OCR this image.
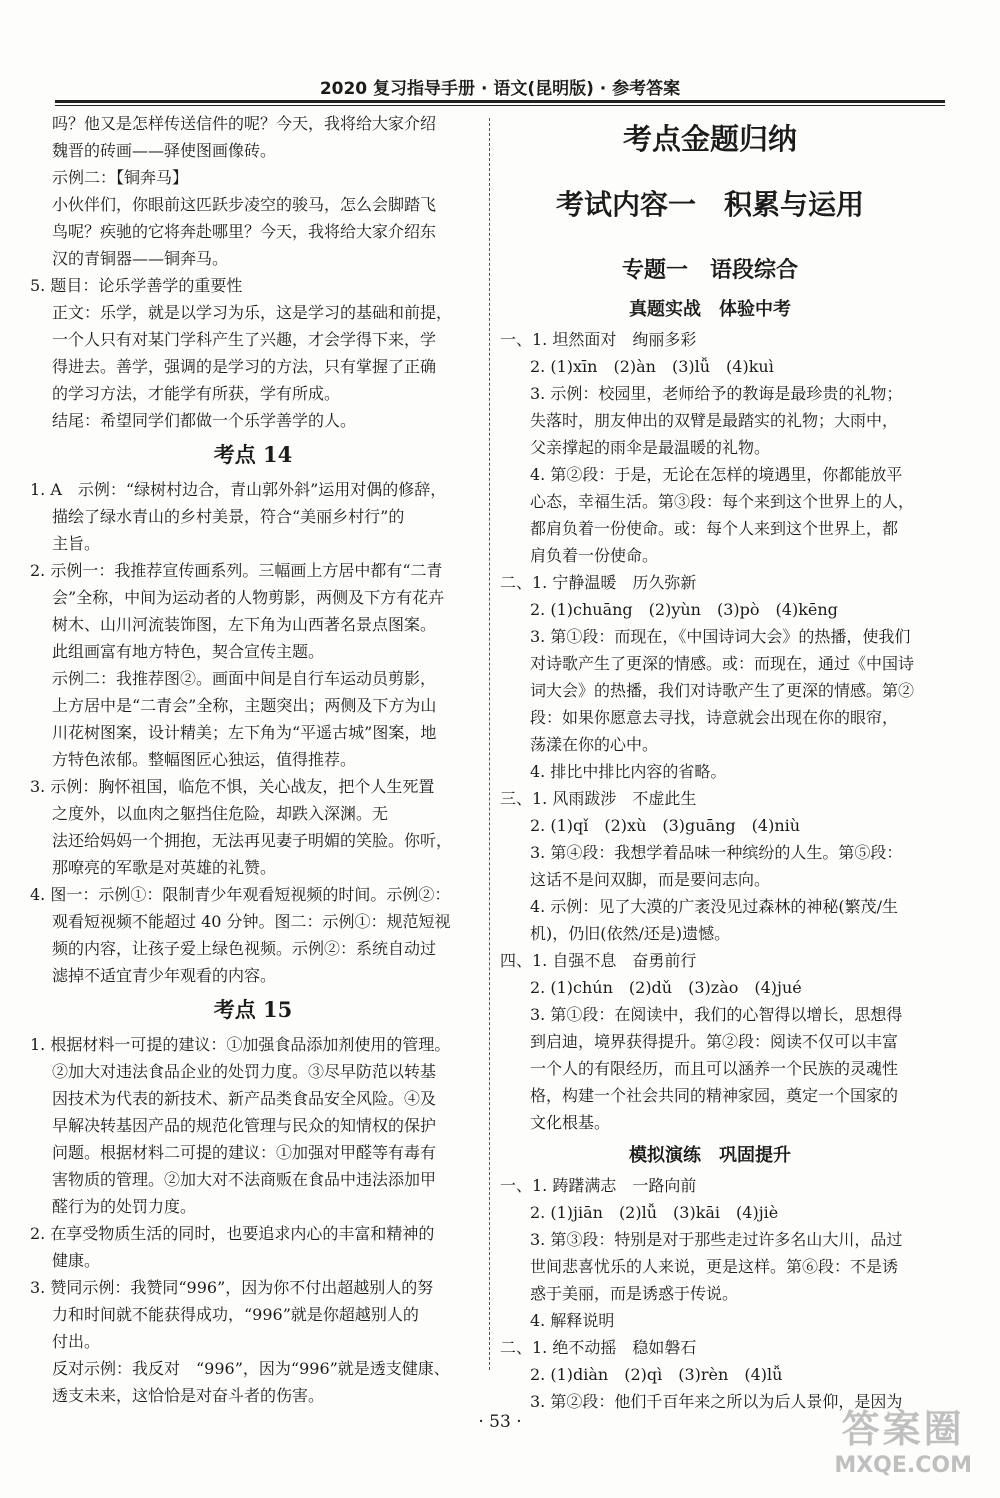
2020 复习指导手册 · 语文(昆明版) · 参考答案

吗？他又是怎样传送信件的呢？今天，我将给大家介绍

魏晋的砖画——驿使图画像砖。

示例二：【铜奔马】

小伙伴们，你眼前这匹跃步凌空的骏马，怎么会脚踏飞

鸟呢？疾驰的它将奔赴哪里？今天，我将给大家介绍东

汉的青铜器——铜奔马。

5. 题目：论乐学善学的重要性

正文：乐学，就是以学习为乐，这是学习的基础和前提，

一个人只有对某门学科产生了兴趣，才会学得下来，学

得进去。善学，强调的是学习的方法，只有掌握了正确

的学习方法，才能学有所获，学有所成。

结尾：希望同学们都做一个乐学善学的人。

考点 14

1. A　示例：“绿树村边合，青山郭外斜”运用对偶的修辞，

描绘了绿水青山的乡村美景，符合“美丽乡村行”的

主旨。

2. 示例一：我推荐宣传画系列。三幅画上方居中都有“二青

会”全称，中间为运动者的人物剪影，两侧及下方有花卉

树木、山川河流装饰图，左下角为山西著名景点图案。

此组画富有地方特色，契合宣传主题。

示例二：我推荐图②。画面中间是自行车运动员剪影，

上方居中是“二青会”全称，主题突出；两侧及下方为山

川花树图案，设计精美；左下角为“平遥古城”图案，地

方特色浓郁。整幅图匠心独运，值得推荐。

3. 示例：胸怀祖国，临危不惧，关心战友，把个人生死置

之度外，以血肉之躯挡住危险，却跌入深渊。无

法还给妈妈一个拥抱，无法再见妻子明媚的笑脸。你听，

那嘹亮的军歌是对英雄的礼赞。

4. 图一：示例①：限制青少年观看短视频的时间。示例②：

观看短视频不能超过 40 分钟。图二：示例①：规范短视

频的内容，让孩子爱上绿色视频。示例②：系统自动过

滤掉不适宜青少年观看的内容。

考点 15

1. 根据材料一可提的建议：①加强食品添加剂使用的管理。

②加大对违法食品企业的处罚力度。③尽早防范以转基

因技术为代表的新技术、新产品类食品安全风险。④及

早解决转基因产品的规范化管理与民众的知情权的保护

问题。根据材料二可提的建议：①加强对甲醛等有毒有

害物质的管理。②加大对不法商贩在食品中违法添加甲

醛行为的处罚力度。

2. 在享受物质生活的同时，也要追求内心的丰富和精神的

健康。

3. 赞同示例：我赞同“996”，因为你不付出超越别人的努

力和时间就不能获得成功，“996”就是你超越别人的

付出。

反对示例：我反对　“996”，因为“996”就是透支健康、

透支未来，这恰恰是对奋斗者的伤害。

考点金题归纳

考试内容一　积累与运用

专题一　语段综合

真题实战　体验中考

一、1. 坦然面对　绚丽多彩

2. (1)xīn　(2)àn　(3)lǚ　(4)kuì

3. 示例：校园里，老师给予的教诲是最珍贵的礼物；

失落时，朋友伸出的双臂是最踏实的礼物；大雨中，

父亲撑起的雨伞是最温暖的礼物。

4. 第②段：于是，无论在怎样的境遇里，你都能放平

心态，幸福生活。第③段：每个来到这个世界上的人，

都肩负着一份使命。或：每个人来到这个世界上，都

肩负着一份使命。

二、1. 宁静温暖　历久弥新

2. (1)chuāng　(2)yùn　(3)pò　(4)kēng

3. 第①段：而现在，《中国诗词大会》的热播，使我们

对诗歌产生了更深的情感。或：而现在，通过《中国诗

词大会》的热播，我们对诗歌产生了更深的情感。第②

段：如果你愿意去寻找，诗意就会出现在你的眼帘，

荡漾在你的心中。

4. 排比中排比内容的省略。

三、1. 风雨跋涉　不虚此生

2. (1)qǐ　(2)xù　(3)guāng　(4)niù

3. 第④段：我想学着品味一种缤纷的人生。第⑤段：

这话不是问双脚，而是要问志向。

4. 示例：见了大漠的广袤没见过森林的神秘(繁茂/生

机)，仍旧(依然/还是)遗憾。

四、1. 自强不息　奋勇前行

2. (1)chún　(2)dǔ　(3)zào　(4)jué

3. 第①段：在阅读中，我们的心智得以增长，思想得

到启迪，境界获得提升。第②段：阅读不仅可以丰富

一个人的有限经历，而且可以涵养一个民族的灵魂性

格，构建一个社会共同的精神家园，奠定一个国家的

文化根基。

模拟演练　巩固提升

一、1. 踌躇满志　一路向前

2. (1)jiān　(2)lǚ　(3)kāi　(4)jiè

3. 第③段：特别是对于那些走过许多名山大川，品过

世间悲喜忧乐的人来说，更是这样。第⑥段：不是诱

惑于美丽，而是诱惑于传说。

4. 解释说明

二、1. 绝不动摇　稳如磐石

2. (1)diàn　(2)qì　(3)rèn　(4)lǚ

3. 第②段：他们千百年来之所以为后人景仰，是因为

· 53 ·	答案圈
MXQE.COM
